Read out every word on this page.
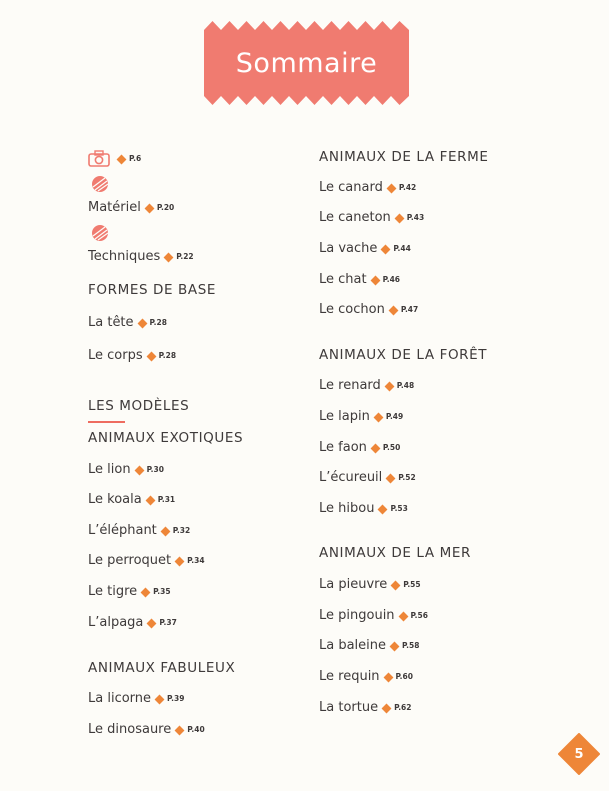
Sommaire
P.6
Matériel P.20
Techniques P.22
FORMES DE BASE
La tête P.28
Le corps P.28
LES MODÈLES
ANIMAUX EXOTIQUES
Le lion P.30
Le koala P.31
L’éléphant P.32
Le perroquet P.34
Le tigre P.35
L’alpaga P.37
ANIMAUX FABULEUX
La licorne P.39
Le dinosaure P.40
ANIMAUX DE LA FERME
Le canard P.42
Le caneton P.43
La vache P.44
Le chat P.46
Le cochon P.47
ANIMAUX DE LA FORÊT
Le renard P.48
Le lapin P.49
Le faon P.50
L’écureuil P.52
Le hibou P.53
ANIMAUX DE LA MER
La pieuvre P.55
Le pingouin P.56
La baleine P.58
Le requin P.60
La tortue P.62
5
